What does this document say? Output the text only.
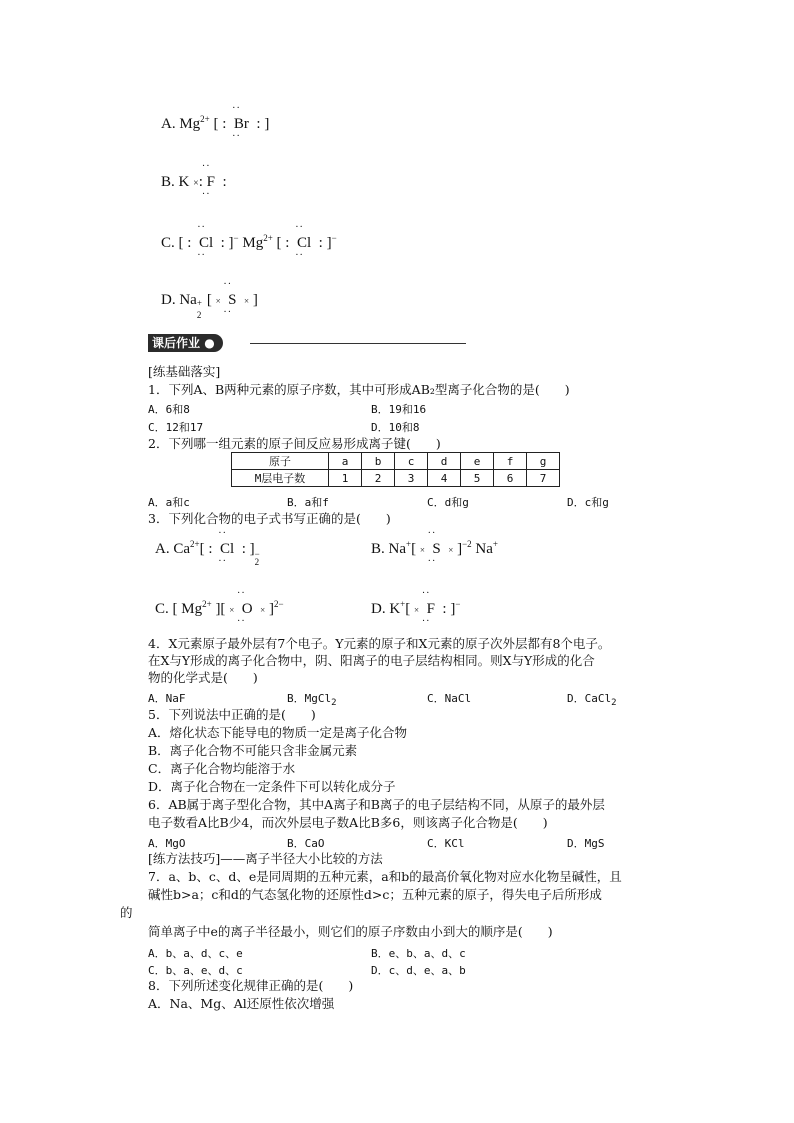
A. $Mg^{2+}$ [ :
··
Br
··
: ]
B. K ×:
··
F
··
:
C. [ :
··
Cl
··
: ]− $Mg^{2+}$ [ :
··
Cl
··
: ]−
D. Na
2
+ [ ×
··
S
··
× ]
课后作业 ●
[练基础落实]
1．下列A、B两种元素的原子序数，其中可形成AB₂型离子化合物的是(　　)
A．6和8	B．19和16
C．12和17	D．10和8
2．下列哪一组元素的原子间反应易形成离子键(　　)
原子	a	b	c	d	e	f	g
M层电子数	1	2	3	4	5	6	7
A．a和c	B．a和f	C．d和g	D．c和g
3．下列化合物的电子式书写正确的是(　　)
A. $Ca^{2+}$[ :
··
Cl
··
: ]
2
−	B. Na+[ ×
··
S
··
× ]$^{-2}$ Na+
C. [ $Mg^{2+}$ ][ ×
··
O
··
× ]$^{2-}$	D. K+[ ×
··
F
··
: ]−
4．X元素原子最外层有7个电子。Y元素的原子和X元素的原子次外层都有8个电子。
在X与Y形成的离子化合物中，阴、阳离子的电子层结构相同。则X与Y形成的化合
物的化学式是(　　)
A．NaF	B．MgCl$_2$	C．NaCl	D．CaCl$_2$
5．下列说法中正确的是(　　)
A．熔化状态下能导电的物质一定是离子化合物
B．离子化合物不可能只含非金属元素
C．离子化合物均能溶于水
D．离子化合物在一定条件下可以转化成分子
6．AB属于离子型化合物，其中A离子和B离子的电子层结构不同，从原子的最外层
电子数看A比B少4，而次外层电子数A比B多6，则该离子化合物是(　　)
A．MgO	B．CaO	C．KCl	D．MgS
[练方法技巧]——离子半径大小比较的方法
7．a、b、c、d、e是同周期的五种元素，a和b的最高价氧化物对应水化物呈碱性，且
碱性b>a；c和d的气态氢化物的还原性d>c；五种元素的原子，得失电子后所形成
的
简单离子中e的离子半径最小，则它们的原子序数由小到大的顺序是(　　)
A．b、a、d、c、e	B．e、b、a、d、c
C．b、a、e、d、c	D．c、d、e、a、b
8．下列所述变化规律正确的是(　　)
A．Na、Mg、Al还原性依次增强
